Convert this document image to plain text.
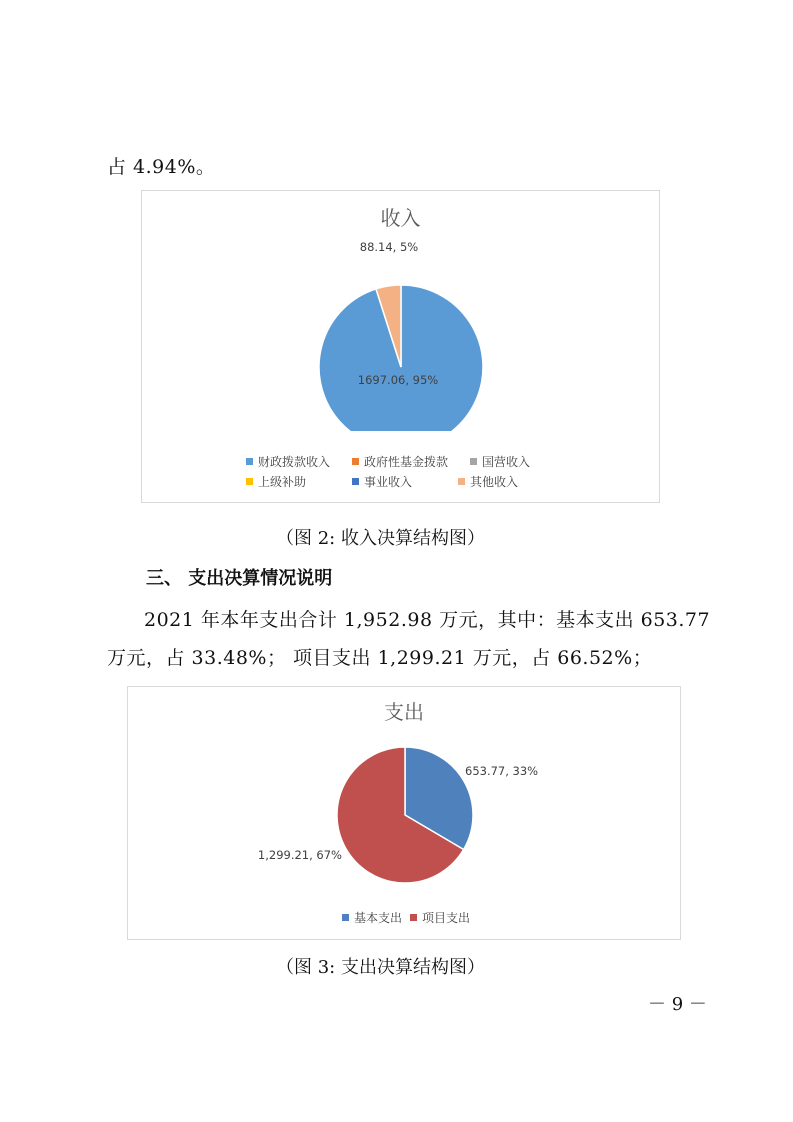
占 4.94%。
收入
1697.06, 95%
88.14, 5%
财政拨款收入	政府性基金拨款	国营收入
上级补助	事业收入	其他收入
（图 2: 收入决算结构图）
三、 支出决算情况说明
2021 年本年支出合计 1,952.98 万元，其中：基本支出 653.77
万元，占 33.48%； 项目支出 1,299.21 万元，占 66.52%；
支出
653.77, 33%
1,299.21, 67%
基本支出 项目支出
（图 3: 支出决算结构图）
－ 9 －
